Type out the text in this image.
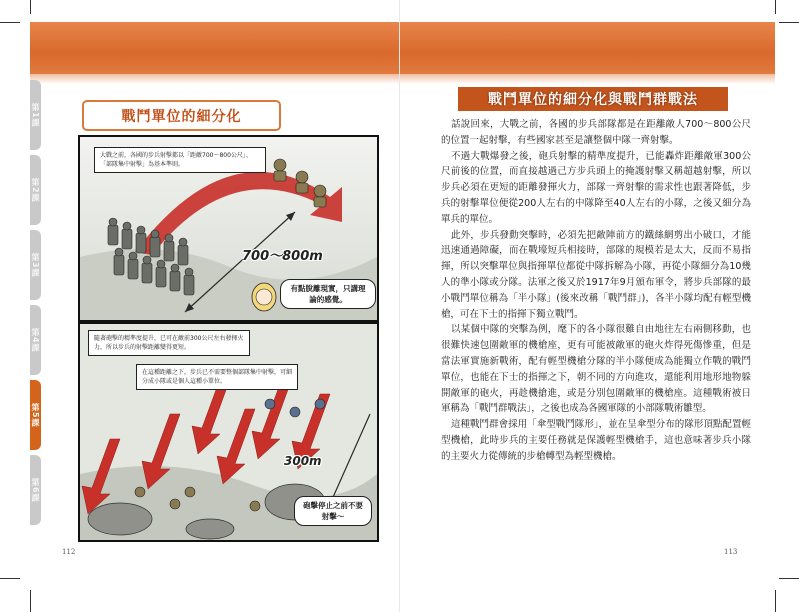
第1課
第2課
第3課
第4課
第5課
第6課
戰鬥單位的細分化
大戰之前，各國的步兵射擊都以「距敵700〜800公尺」、「部隊集中射擊」為基本準則。
700〜800m
有點脫離現實，只講理論的感覺。
隨著砲擊的精準度提升，已可在敵前300公尺左右發揮火力，所以步兵的射擊距離變得更短。
在這種距離之下，步兵已不需要整個部隊集中射擊，可細分成小隊或是個人這種小單位。
300m
砲擊停止之前不要射擊〜
112
戰鬥單位的細分化與戰鬥群戰法

話說回來，大戰之前，各國的步兵部隊都是在距離敵人700〜800公尺的位置一起射擊，有些國家甚至是讓整個中隊一齊射擊。

不過大戰爆發之後，砲兵射擊的精準度提升，已能轟炸距離敵軍300公尺前後的位置，而直接越過己方步兵頭上的掩護射擊又稱超越射擊，所以步兵必須在更短的距離發揮火力，部隊一齊射擊的需求性也跟著降低，步兵的射擊單位便從200人左右的中隊降至40人左右的小隊，之後又細分為單兵的單位。

此外，步兵發動突擊時，必須先把敵陣前方的鐵絲網剪出小破口，才能迅速通過障礙，而在戰壕短兵相接時，部隊的規模若是太大，反而不易指揮，所以突擊單位與指揮單位都從中隊拆解為小隊，再從小隊細分為10幾人的準小隊或分隊。法軍之後又於1917年9月頒布軍令，將步兵部隊的最小戰鬥單位稱為「半小隊」(後來改稱「戰鬥群」)，各半小隊均配有輕型機槍，可在下士的指揮下獨立戰鬥。

以某個中隊的突擊為例，麾下的各小隊很難自由地往左右兩側移動，也很難快速包圍敵軍的機槍座，更有可能被敵軍的砲火炸得死傷慘重，但是當法軍實施新戰術，配有輕型機槍分隊的半小隊便成為能獨立作戰的戰鬥單位，也能在下士的指揮之下，朝不同的方向進攻，還能利用地形地物躲開敵軍的砲火，再趁機搶進，或是分別包圍敵軍的機槍座。這種戰術被日軍稱為「戰鬥群戰法」，之後也成為各國軍隊的小部隊戰術雛型。

這種戰鬥群會採用「傘型戰鬥隊形」，並在呈傘型分布的隊形頂點配置輕型機槍，此時步兵的主要任務就是保護輕型機槍手，這也意味著步兵小隊的主要火力從傳統的步槍轉型為輕型機槍。

113
